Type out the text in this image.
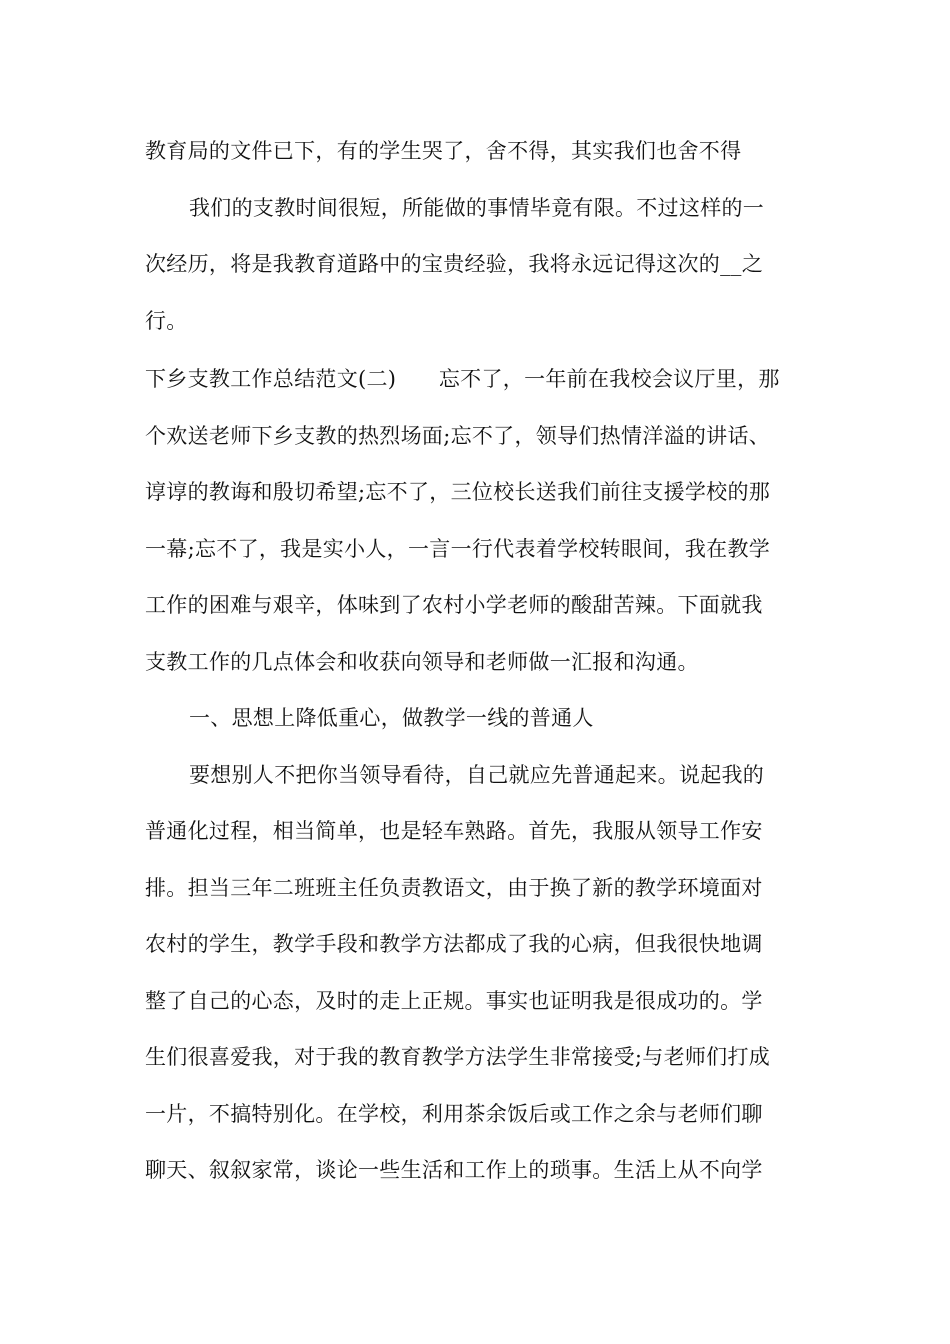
教育局的文件已下，有的学生哭了，舍不得，其实我们也舍不得
我们的支教时间很短，所能做的事情毕竟有限。不过这样的一
次经历，将是我教育道路中的宝贵经验，我将永远记得这次的__之
行。
下乡支教工作总结范文(二)　　忘不了，一年前在我校会议厅里，那
个欢送老师下乡支教的热烈场面;忘不了，领导们热情洋溢的讲话、
谆谆的教诲和殷切希望;忘不了，三位校长送我们前往支援学校的那
一幕;忘不了，我是实小人，一言一行代表着学校转眼间，我在教学
工作的困难与艰辛，体味到了农村小学老师的酸甜苦辣。下面就我
支教工作的几点体会和收获向领导和老师做一汇报和沟通。
一、思想上降低重心，做教学一线的普通人
要想别人不把你当领导看待，自己就应先普通起来。说起我的
普通化过程，相当简单，也是轻车熟路。首先，我服从领导工作安
排。担当三年二班班主任负责教语文，由于换了新的教学环境面对
农村的学生，教学手段和教学方法都成了我的心病，但我很快地调
整了自己的心态，及时的走上正规。事实也证明我是很成功的。学
生们很喜爱我，对于我的教育教学方法学生非常接受;与老师们打成
一片，不搞特别化。在学校，利用茶余饭后或工作之余与老师们聊
聊天、叙叙家常，谈论一些生活和工作上的琐事。生活上从不向学
